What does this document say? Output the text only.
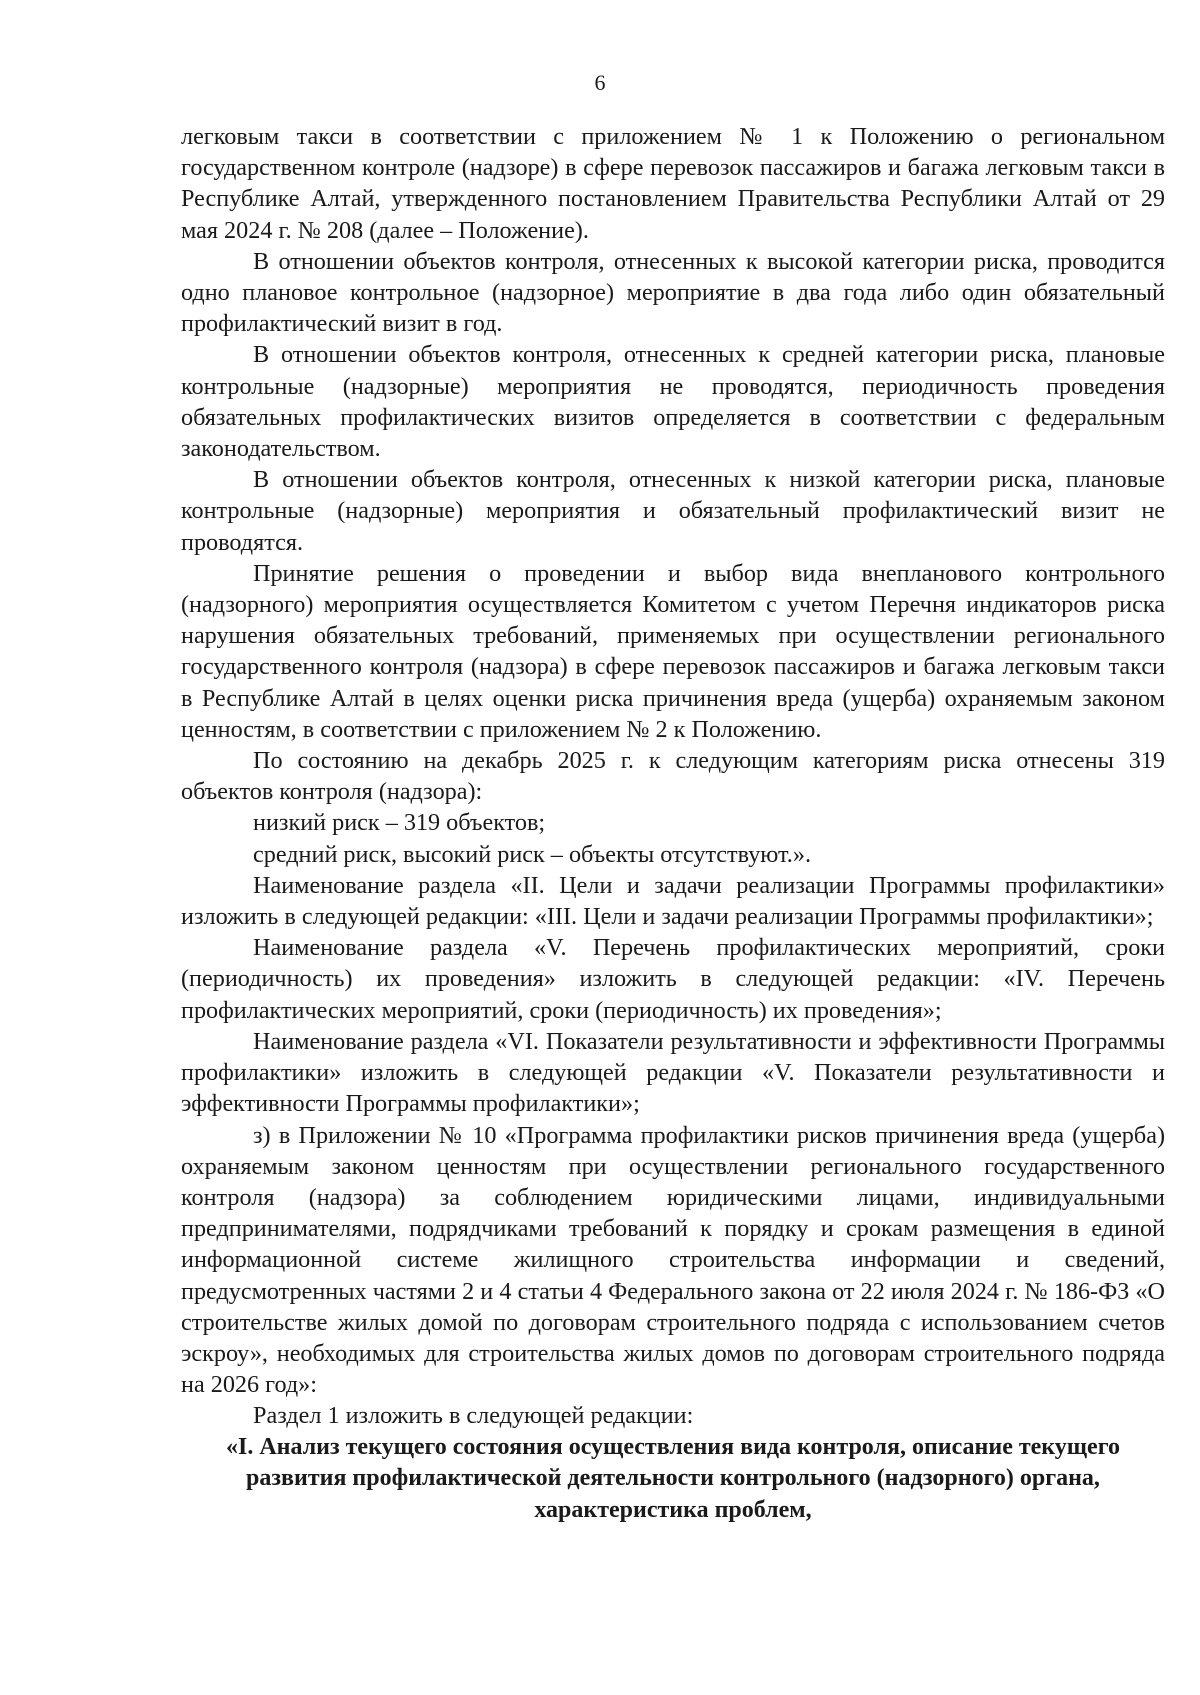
6

легковым такси в соответствии с приложением № 1 к Положению о региональном государственном контроле (надзоре) в сфере перевозок пассажиров и багажа легковым такси в Республике Алтай, утвержденного постановлением Правительства Республики Алтай от 29 мая 2024 г. № 208 (далее – Положение).

В отношении объектов контроля, отнесенных к высокой категории риска, проводится одно плановое контрольное (надзорное) мероприятие в два года либо один обязательный профилактический визит в год.

В отношении объектов контроля, отнесенных к средней категории риска, плановые контрольные (надзорные) мероприятия не проводятся, периодичность проведения обязательных профилактических визитов определяется в соответствии с федеральным законодательством.

В отношении объектов контроля, отнесенных к низкой категории риска, плановые контрольные (надзорные) мероприятия и обязательный профилактический визит не проводятся.

Принятие решения о проведении и выбор вида внепланового контрольного (надзорного) мероприятия осуществляется Комитетом с учетом Перечня индикаторов риска нарушения обязательных требований, применяемых при осуществлении регионального государственного контроля (надзора) в сфере перевозок пассажиров и багажа легковым такси в Республике Алтай в целях оценки риска причинения вреда (ущерба) охраняемым законом ценностям, в соответствии с приложением № 2 к Положению.

По состоянию на декабрь 2025 г. к следующим категориям риска отнесены 319 объектов контроля (надзора):

низкий риск – 319 объектов;

средний риск, высокий риск – объекты отсутствуют.».

Наименование раздела «II. Цели и задачи реализации Программы профилактики» изложить в следующей редакции: «III. Цели и задачи реализации Программы профилактики»;

Наименование раздела «V. Перечень профилактических мероприятий, сроки (периодичность) их проведения» изложить в следующей редакции: «IV. Перечень профилактических мероприятий, сроки (периодичность) их проведения»;

Наименование раздела «VI. Показатели результативности и эффективности Программы профилактики» изложить в следующей редакции «V. Показатели результативности и эффективности Программы профилактики»;

з) в Приложении № 10 «Программа профилактики рисков причинения вреда (ущерба) охраняемым законом ценностям при осуществлении регионального государственного контроля (надзора) за соблюдением юридическими лицами, индивидуальными предпринимателями, подрядчиками требований к порядку и срокам размещения в единой информационной системе жилищного строительства информации и сведений, предусмотренных частями 2 и 4 статьи 4 Федерального закона от 22 июля 2024 г. № 186-ФЗ «О строительстве жилых домой по договорам строительного подряда с использованием счетов эскроу», необходимых для строительства жилых домов по договорам строительного подряда на 2026 год»:

Раздел 1 изложить в следующей редакции:

«I. Анализ текущего состояния осуществления вида контроля, описание текущего развития профилактической деятельности контрольного (надзорного) органа, характеристика проблем,
